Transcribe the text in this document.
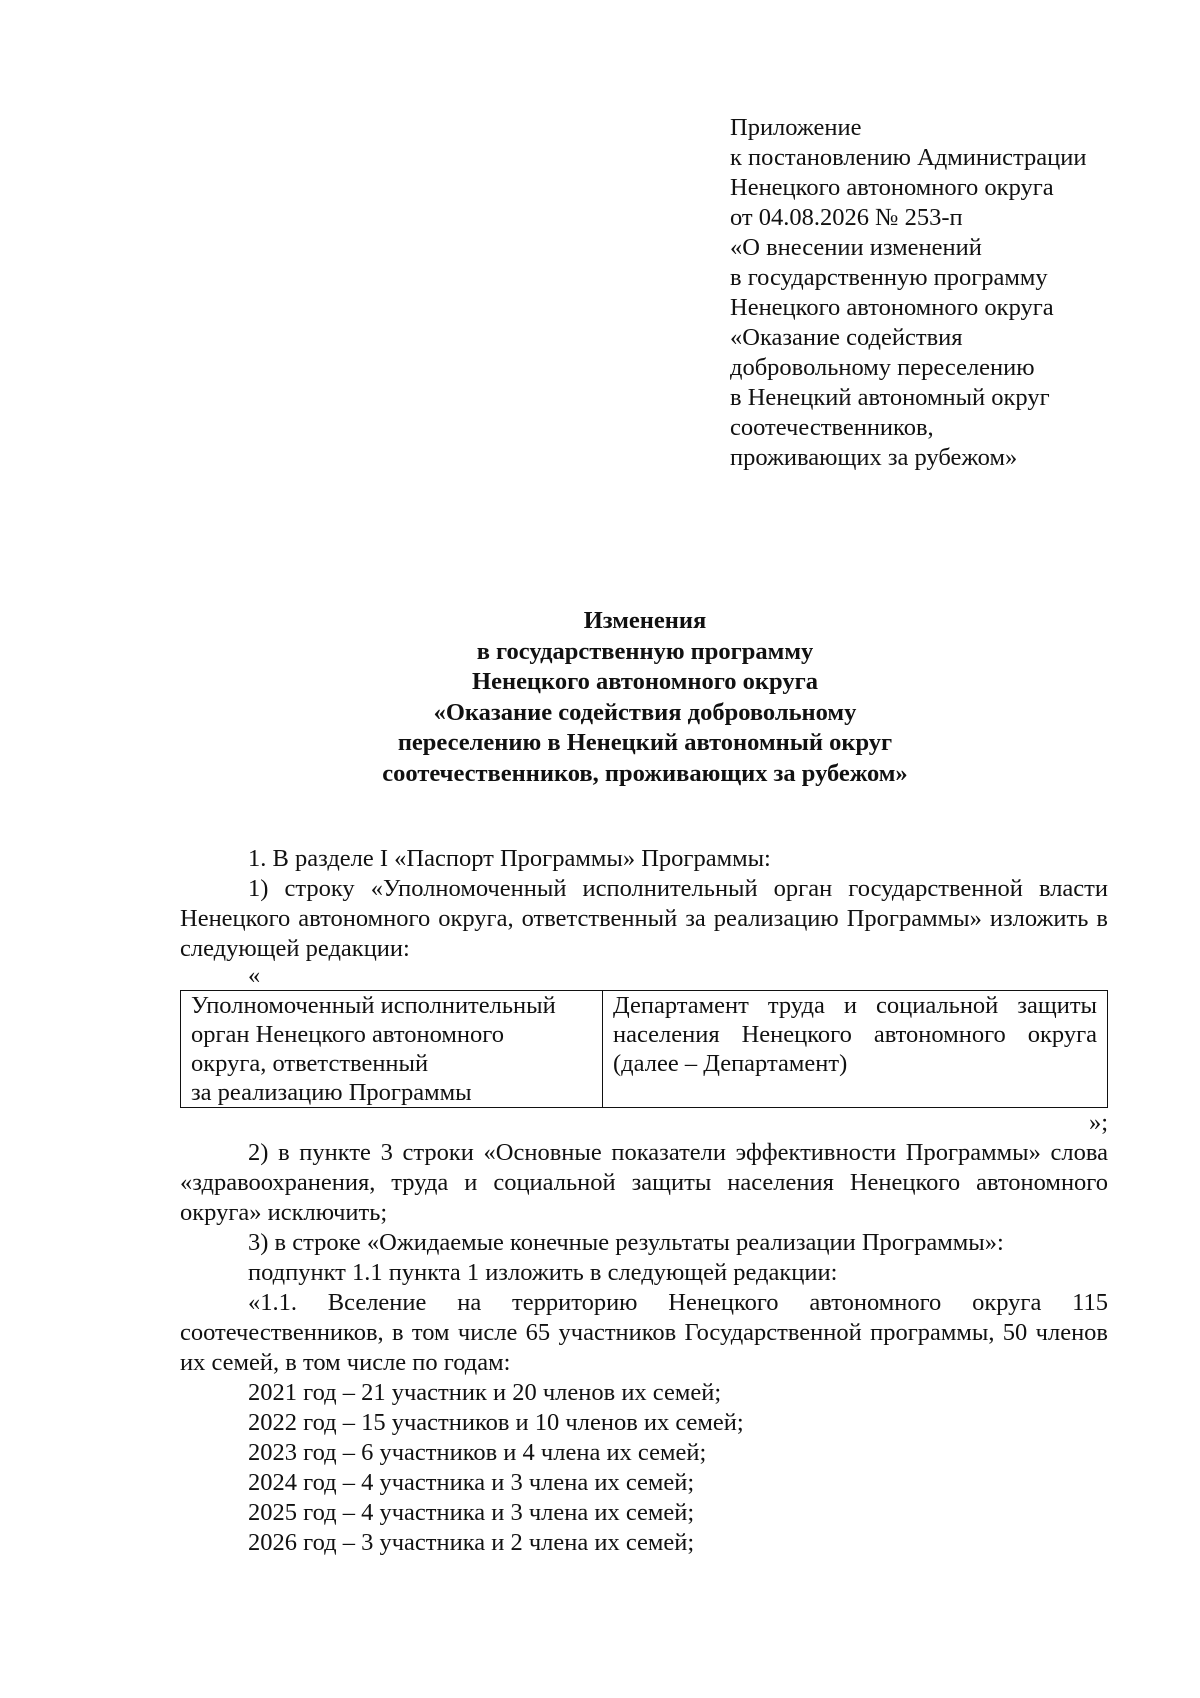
Приложение
к постановлению Администрации
Ненецкого автономного округа
от 04.08.2026 № 253-п
«О внесении изменений
в государственную программу
Ненецкого автономного округа
«Оказание содействия
добровольному переселению
в Ненецкий автономный округ
соотечественников,
проживающих за рубежом»
Изменения
в государственную программу
Ненецкого автономного округа
«Оказание содействия добровольному
переселению в Ненецкий автономный округ
соотечественников, проживающих за рубежом»

1. В разделе I «Паспорт Программы» Программы:

1) строку «Уполномоченный исполнительный орган государственной власти Ненецкого автономного округа, ответственный за реализацию Программы» изложить в следующей редакции:

«
Уполномоченный исполнительный
орган Ненецкого автономного
округа, ответственный
за реализацию Программы
	Департамент труда и социальной защиты населения Ненецкого автономного округа (далее – Департамент)
»;

2) в пункте 3 строки «Основные показатели эффективности Программы» слова «здравоохранения, труда и социальной защиты населения Ненецкого автономного округа» исключить;

3) в строке «Ожидаемые конечные результаты реализации Программы»:

подпункт 1.1 пункта 1 изложить в следующей редакции:

«1.1. Вселение на территорию Ненецкого автономного округа 115 соотечественников, в том числе 65 участников Государственной программы, 50 членов их семей, в том числе по годам:

2021 год – 21 участник и 20 членов их семей;
2022 год – 15 участников и 10 членов их семей;
2023 год – 6 участников и 4 члена их семей;
2024 год – 4 участника и 3 члена их семей;
2025 год – 4 участника и 3 члена их семей;
2026 год – 3 участника и 2 члена их семей;
